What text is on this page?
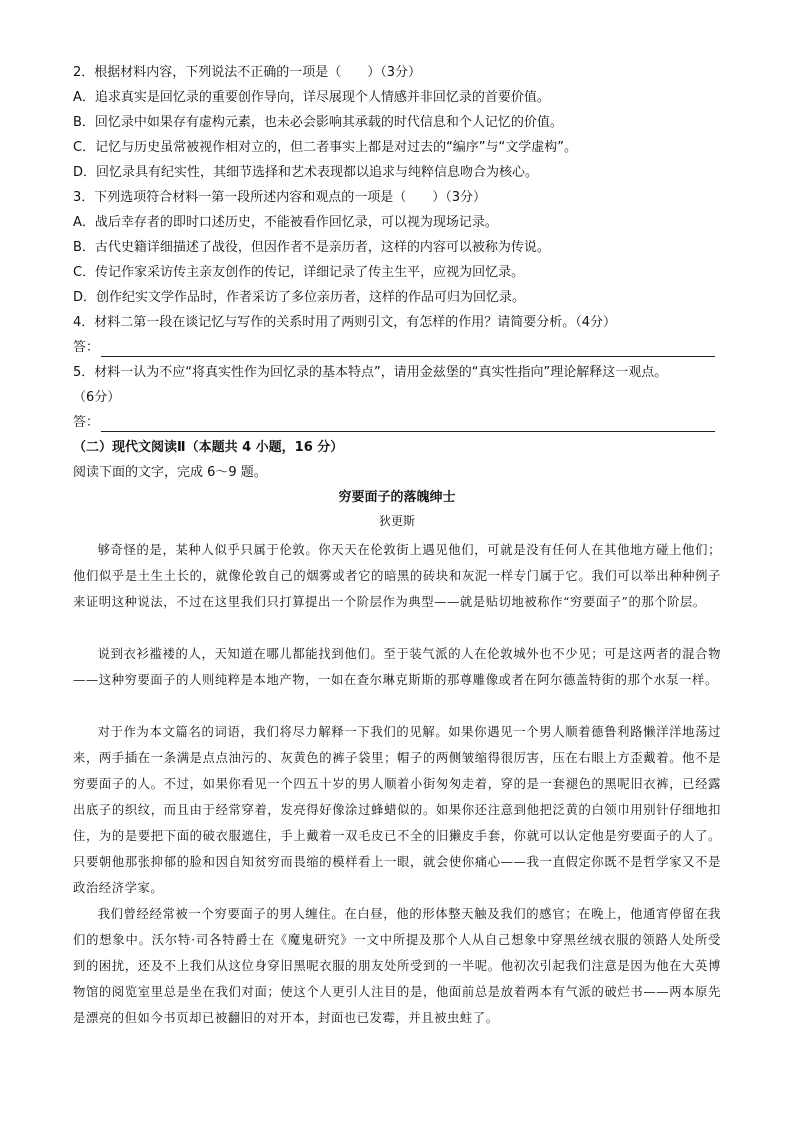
2．根据材料内容，下列说法不正确的一项是（　　）（3分）
A．追求真实是回忆录的重要创作导向，详尽展现个人情感并非回忆录的首要价值。
B．回忆录中如果存有虚构元素，也未必会影响其承载的时代信息和个人记忆的价值。
C．记忆与历史虽常被视作相对立的，但二者事实上都是对过去的“编序”与“文学虚构”。
D．回忆录具有纪实性，其细节选择和艺术表现都以追求与纯粹信息吻合为核心。
3．下列选项符合材料一第一段所述内容和观点的一项是（　　）（3分）
A．战后幸存者的即时口述历史，不能被看作回忆录，可以视为现场记录。
B．古代史籍详细描述了战役，但因作者不是亲历者，这样的内容可以被称为传说。
C．传记作家采访传主亲友创作的传记，详细记录了传主生平，应视为回忆录。
D．创作纪实文学作品时，作者采访了多位亲历者，这样的作品可归为回忆录。
4．材料二第一段在谈记忆与写作的关系时用了两则引文，有怎样的作用？请简要分析。（4分）
答：
5．材料一认为不应“将真实性作为回忆录的基本特点”，请用金兹堡的“真实性指向”理论解释这一观点。
（6分）
答：
（二）现代文阅读Ⅱ（本题共 4 小题，16 分）
阅读下面的文字，完成 6～9 题。
穷要面子的落魄绅士
狄更斯

够奇怪的是，某种人似乎只属于伦敦。你天天在伦敦街上遇见他们，可就是没有任何人在其他地方碰上他们；他们似乎是土生土长的，就像伦敦自己的烟雾或者它的暗黑的砖块和灰泥一样专门属于它。我们可以举出种种例子来证明这种说法，不过在这里我们只打算提出一个阶层作为典型——就是贴切地被称作“穷要面子”的那个阶层。

说到衣衫褴褛的人，天知道在哪儿都能找到他们。至于装气派的人在伦敦城外也不少见；可是这两者的混合物——这种穷要面子的人则纯粹是本地产物，一如在查尔琳克斯斯的那尊雕像或者在阿尔德盖特街的那个水泵一样。

对于作为本文篇名的词语，我们将尽力解释一下我们的见解。如果你遇见一个男人顺着德鲁利路懒洋洋地荡过来，两手插在一条满是点点油污的、灰黄色的裤子袋里；帽子的两侧皱缩得很厉害，压在右眼上方歪戴着。他不是穷要面子的人。不过，如果你看见一个四五十岁的男人顺着小街匆匆走着，穿的是一套褪色的黑呢旧衣裤，已经露出底子的织纹，而且由于经常穿着，发亮得好像涂过蜂蜡似的。如果你还注意到他把泛黄的白领巾用别针仔细地扣住，为的是要把下面的破衣服遮住，手上戴着一双毛皮已不全的旧獭皮手套，你就可以认定他是穷要面子的人了。只要朝他那张抑郁的脸和因自知贫穷而畏缩的模样看上一眼，就会使你痛心——我一直假定你既不是哲学家又不是政治经济学家。

我们曾经经常被一个穷要面子的男人缠住。在白昼，他的形体整天触及我们的感官；在晚上，他通宵停留在我们的想象中。沃尔特·司各特爵士在《魔鬼研究》一文中所提及那个人从自己想象中穿黑丝绒衣服的领路人处所受到的困扰，还及不上我们从这位身穿旧黑呢衣服的朋友处所受到的一半呢。他初次引起我们注意是因为他在大英博物馆的阅览室里总是坐在我们对面；使这个人更引人注目的是，他面前总是放着两本有气派的破烂书——两本原先是漂亮的但如今书页却已被翻旧的对开本，封面也已发霉，并且被虫蛀了。
